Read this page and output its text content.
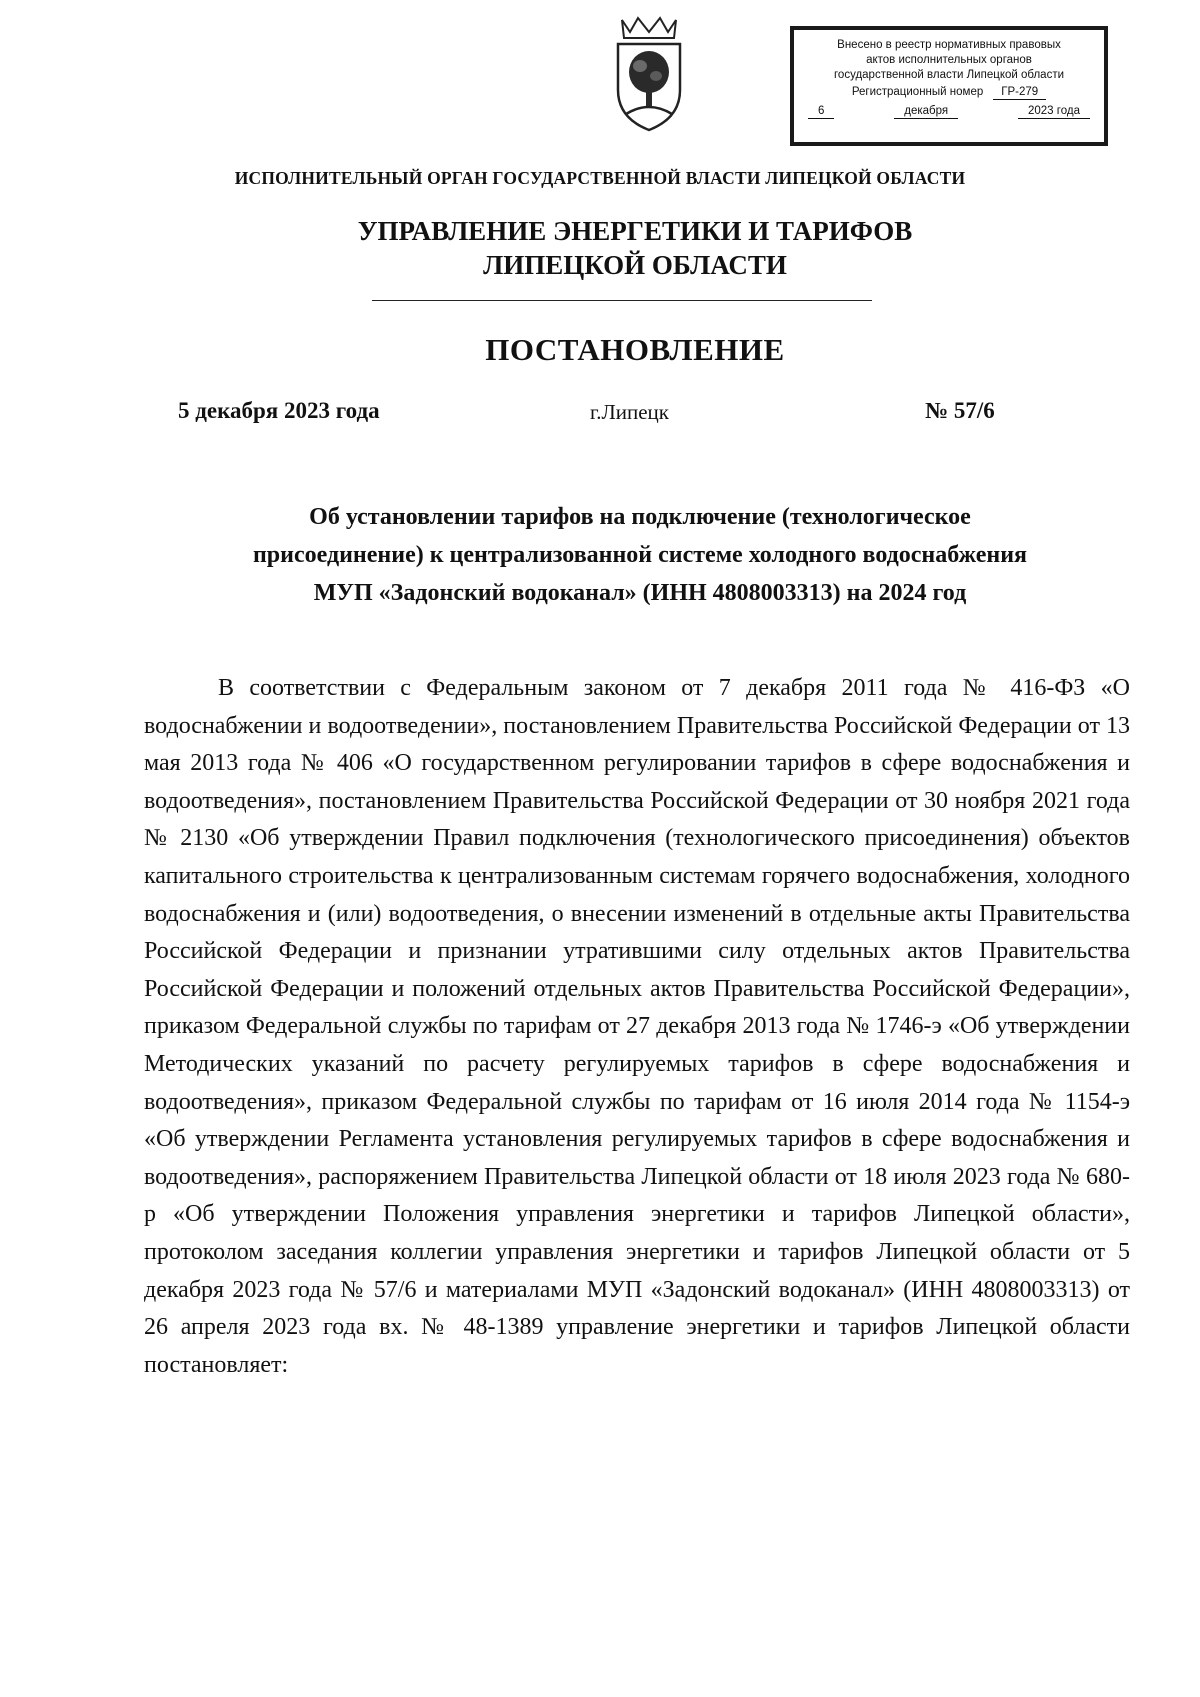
Внесено в реестр нормативных правовых
актов исполнительных органов
государственной власти Липецкой области
Регистрационный номер	ГР-279
6	декабря	2023 года
ИСПОЛНИТЕЛЬНЫЙ ОРГАН ГОСУДАРСТВЕННОЙ ВЛАСТИ ЛИПЕЦКОЙ ОБЛАСТИ
УПРАВЛЕНИЕ ЭНЕРГЕТИКИ И ТАРИФОВ
ЛИПЕЦКОЙ ОБЛАСТИ
ПОСТАНОВЛЕНИЕ
5 декабря 2023 года	г.Липецк	№ 57/6
Об установлении тарифов на подключение (технологическое
присоединение) к централизованной системе холодного водоснабжения
МУП «Задонский водоканал» (ИНН 4808003313) на 2024 год

В соответствии с Федеральным законом от 7 декабря 2011 года № 416-ФЗ «О водоснабжении и водоотведении», постановлением Правительства Российской Федерации от 13 мая 2013 года № 406 «О государственном регулировании тарифов в сфере водоснабжения и водоотведения», постановлением Правительства Российской Федерации от 30 ноября 2021 года № 2130 «Об утверждении Правил подключения (технологического присоединения) объектов капитального строительства к централизованным системам горячего водоснабжения, холодного водоснабжения и (или) водоотведения, о внесении изменений в отдельные акты Правительства Российской Федерации и признании утратившими силу отдельных актов Правительства Российской Федерации и положений отдельных актов Правительства Российской Федерации», приказом Федеральной службы по тарифам от 27 декабря 2013 года № 1746-э «Об утверждении Методических указаний по расчету регулируемых тарифов в сфере водоснабжения и водоотведения», приказом Федеральной службы по тарифам от 16 июля 2014 года № 1154-э «Об утверждении Регламента установления регулируемых тарифов в сфере водоснабжения и водоотведения», распоряжением Правительства Липецкой области от 18 июля 2023 года № 680-р «Об утверждении Положения управления энергетики и тарифов Липецкой области», протоколом заседания коллегии управления энергетики и тарифов Липецкой области от 5 декабря 2023 года № 57/6 и материалами МУП «Задонский водоканал» (ИНН 4808003313) от 26 апреля 2023 года вх. № 48-1389 управление энергетики и тарифов Липецкой области постановляет:
